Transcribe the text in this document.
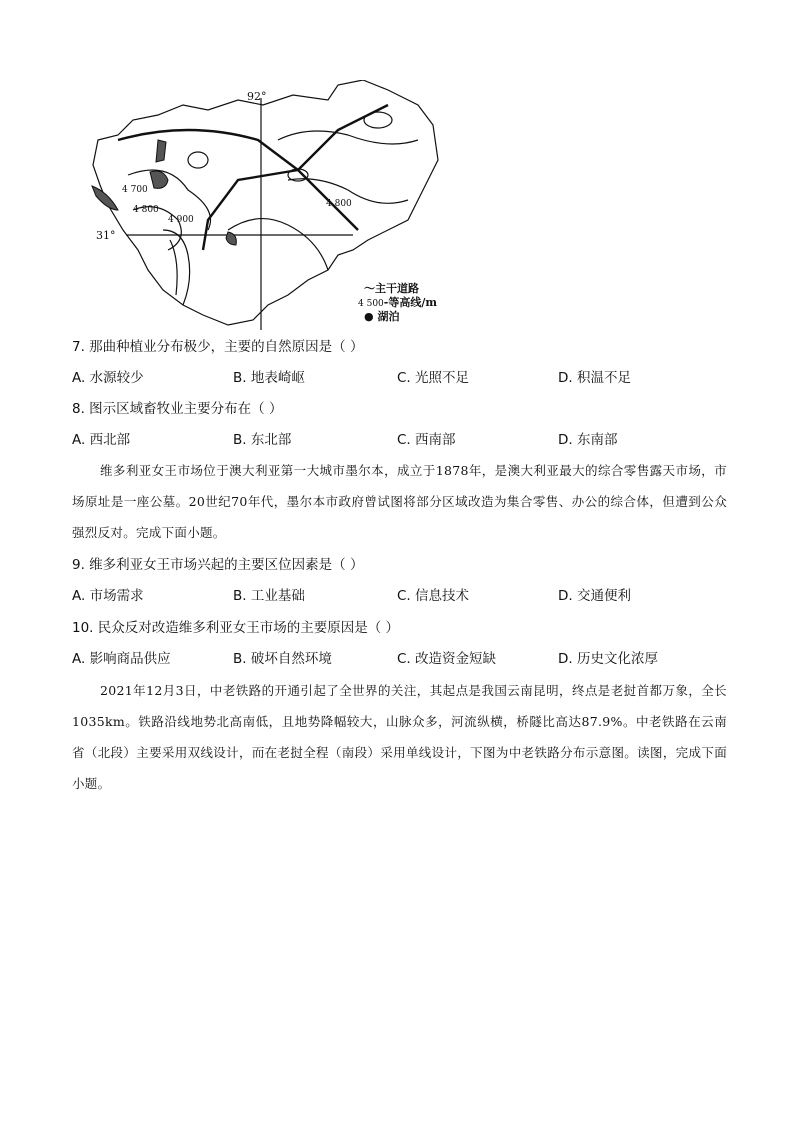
92°
31°
4 700
4 800
4 900
4 800
〜主干道路
4 500-等高线/m
● 湖泊
7. 那曲种植业分布极少，主要的自然原因是（ ）
A. 水源较少	B. 地表崎岖	C. 光照不足	D. 积温不足
8. 图示区域畜牧业主要分布在（ ）
A. 西北部	B. 东北部	C. 西南部	D. 东南部
维多利亚女王市场位于澳大利亚第一大城市墨尔本，成立于1878年，是澳大利亚最大的综合零售露天市场，市场原址是一座公墓。20世纪70年代，墨尔本市政府曾试图将部分区域改造为集合零售、办公的综合体，但遭到公众强烈反对。完成下面小题。
9. 维多利亚女王市场兴起的主要区位因素是（ ）
A. 市场需求	B. 工业基础	C. 信息技术	D. 交通便利
10. 民众反对改造维多利亚女王市场的主要原因是（ ）
A. 影响商品供应	B. 破坏自然环境	C. 改造资金短缺	D. 历史文化浓厚
2021年12月3日，中老铁路的开通引起了全世界的关注，其起点是我国云南昆明，终点是老挝首都万象，全长1035km。铁路沿线地势北高南低，且地势降幅较大，山脉众多，河流纵横，桥隧比高达87.9%。中老铁路在云南省（北段）主要采用双线设计，而在老挝全程（南段）采用单线设计，下图为中老铁路分布示意图。读图，完成下面小题。
